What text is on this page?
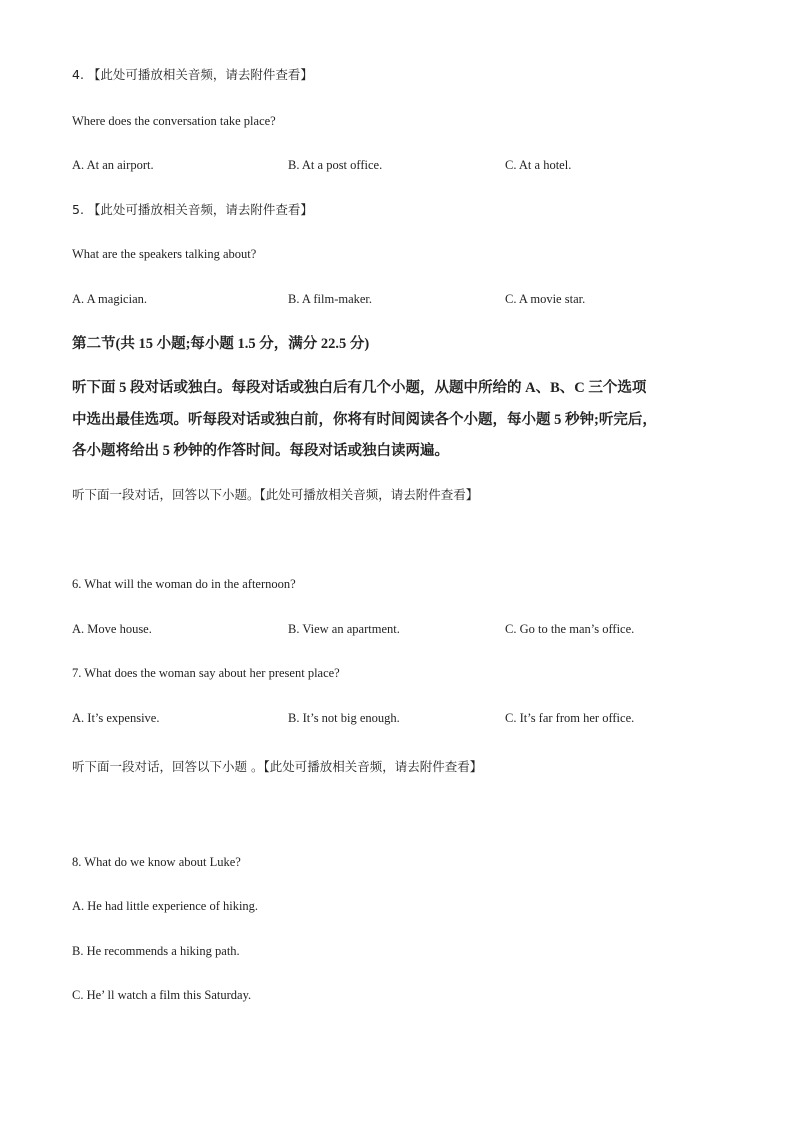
4. 【此处可播放相关音频，请去附件查看】
Where does the conversation take place?
A. At an airport.	B. At a post office.	C. At a hotel.
5. 【此处可播放相关音频，请去附件查看】
What are the speakers talking about?
A. A magician.	B. A film-maker.	C. A movie star.
第二节(共 15 小题;每小题 1.5 分，满分 22.5 分)
听下面 5 段对话或独白。每段对话或独白后有几个小题，从题中所给的 A、B、C 三个选项
中选出最佳选项。听每段对话或独白前，你将有时间阅读各个小题，每小题 5 秒钟;听完后，
各小题将给出 5 秒钟的作答时间。每段对话或独白读两遍。
听下面一段对话，回答以下小题。【此处可播放相关音频，请去附件查看】
6. What will the woman do in the afternoon?
A. Move house.	B. View an apartment.	C. Go to the man’s office.
7. What does the woman say about her present place?
A. It’s expensive.	B. It’s not big enough.	C. It’s far from her office.
听下面一段对话，回答以下小题 。【此处可播放相关音频，请去附件查看】
8. What do we know about Luke?
A. He had little experience of hiking.
B. He recommends a hiking path.
C. He’ ll watch a film this Saturday.
